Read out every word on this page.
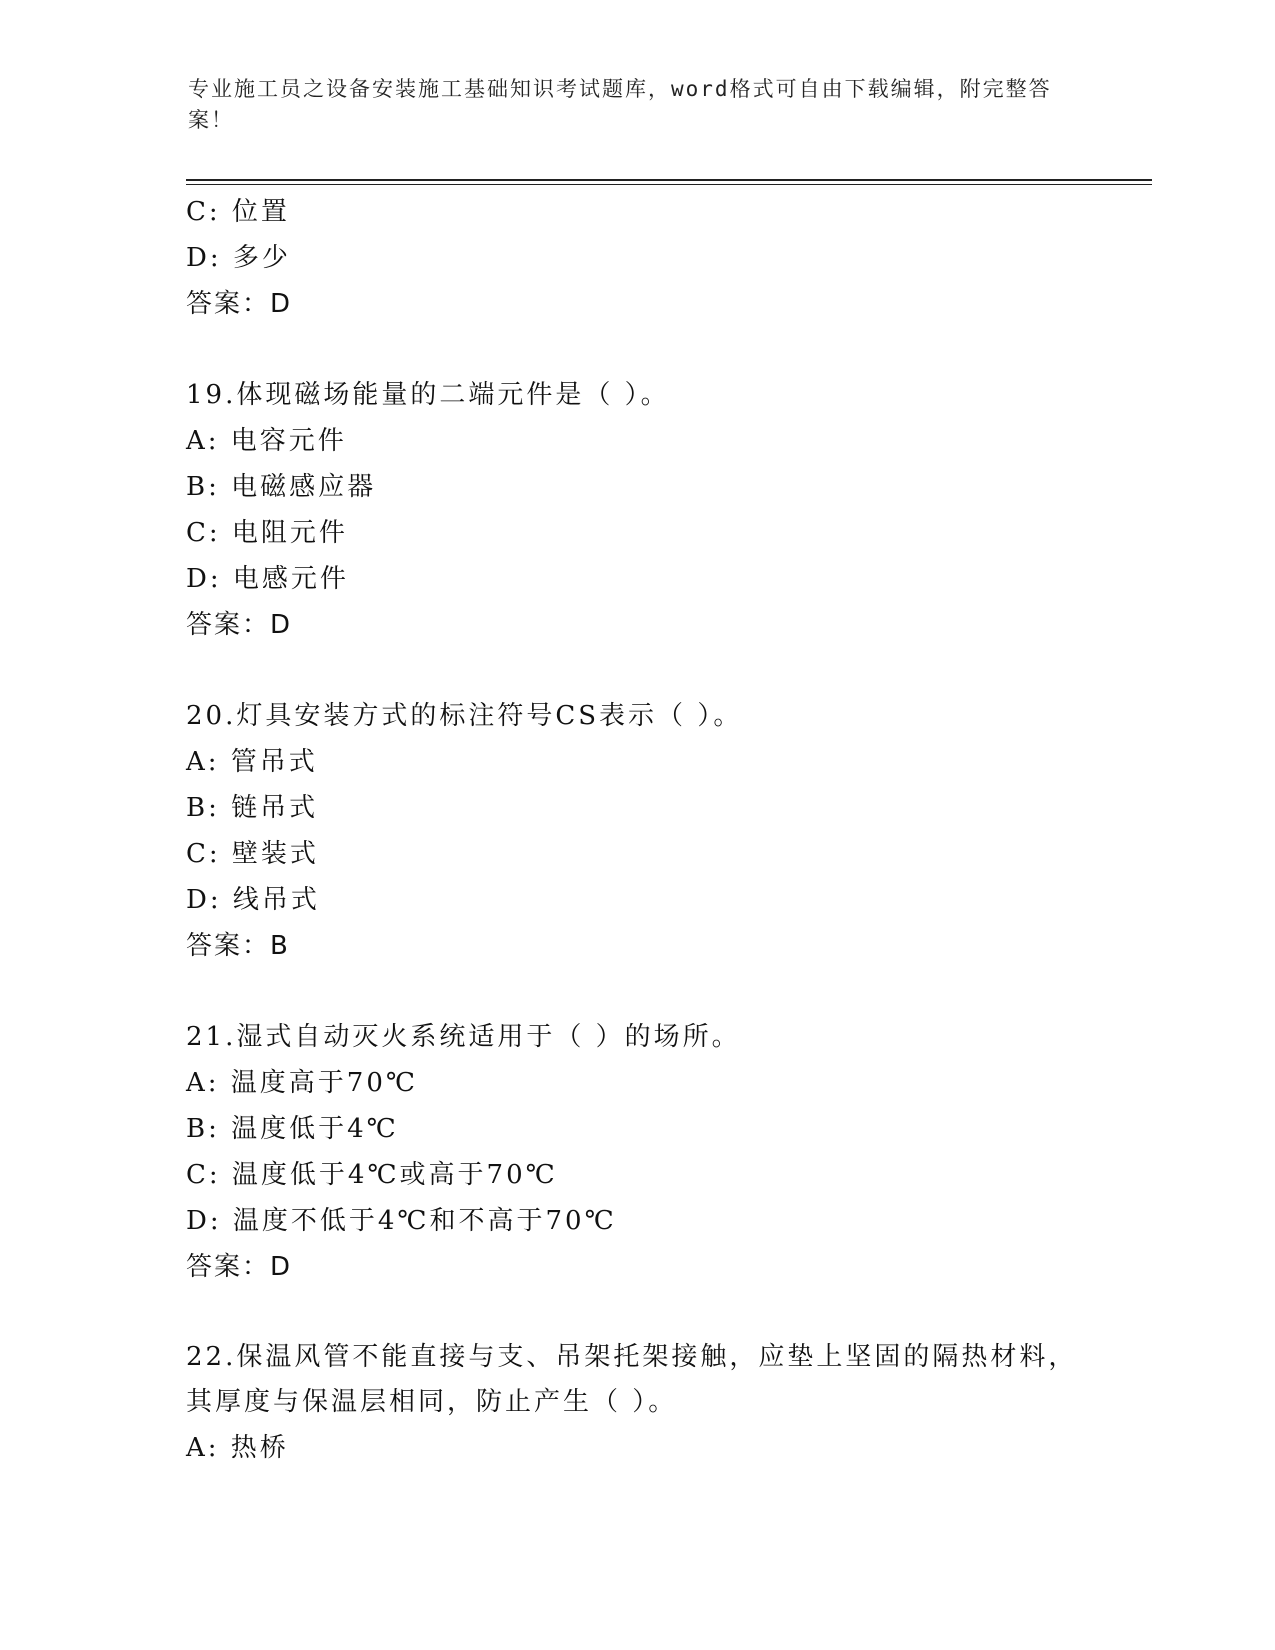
专业施工员之设备安装施工基础知识考试题库，word格式可自由下载编辑，附完整答案！
C: 位置
D: 多少
答案：D
19.体现磁场能量的二端元件是（ ）。
A: 电容元件
B: 电磁感应器
C: 电阻元件
D: 电感元件
答案：D
20.灯具安装方式的标注符号CS表示（ ）。
A: 管吊式
B: 链吊式
C: 壁装式
D: 线吊式
答案：B
21.湿式自动灭火系统适用于（ ）的场所。
A: 温度高于70℃
B: 温度低于4℃
C: 温度低于4℃或高于70℃
D: 温度不低于4℃和不高于70℃
答案：D
22.保温风管不能直接与支、吊架托架接触，应垫上坚固的隔热材料，其厚度与保温层相同，防止产生（ ）。
A: 热桥
